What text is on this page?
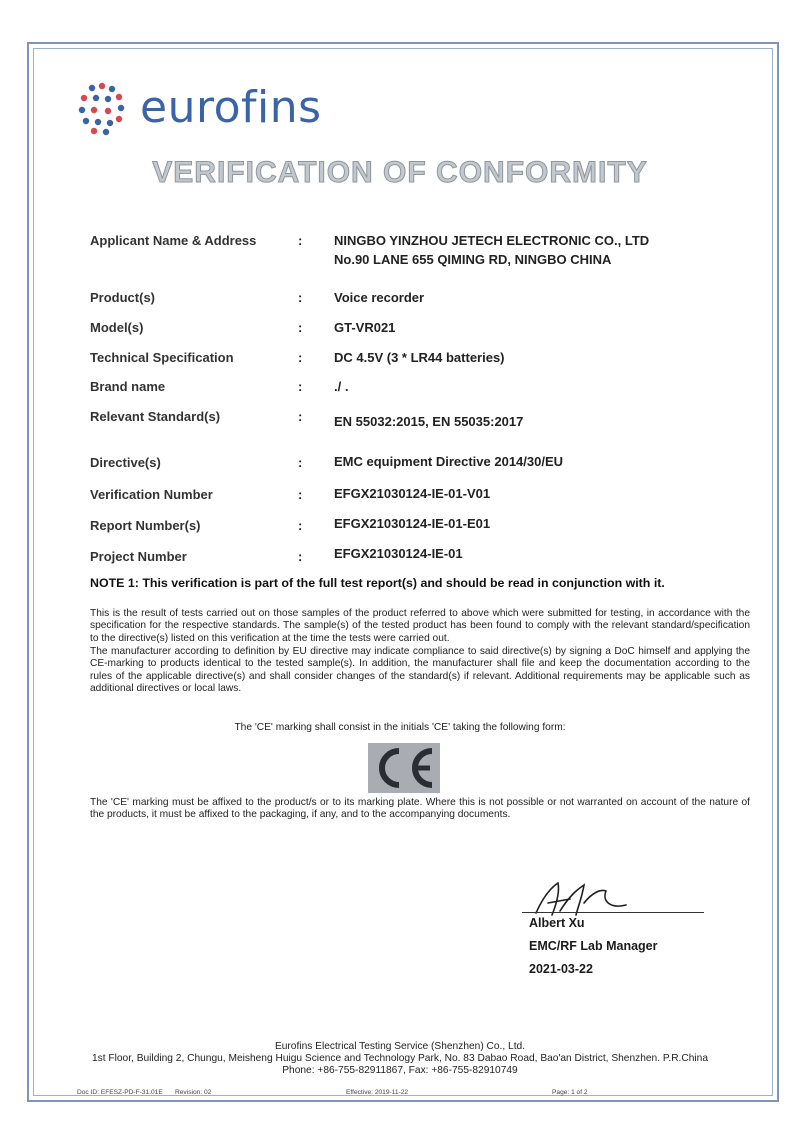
eurofins
VERIFICATION OF CONFORMITY
Applicant Name & Address	: NINGBO YINZHOU JETECH ELECTRONIC CO., LTD
No.90 LANE 655 QIMING RD, NINGBO CHINA
Product(s)	: Voice recorder
Model(s)	: GT-VR021
Technical Specification	: DC 4.5V (3 * LR44 batteries)
Brand name	: ./ .
Relevant Standard(s)	: EN 55032:2015, EN 55035:2017
Directive(s)	: EMC equipment Directive 2014/30/EU
Verification Number	: EFGX21030124-IE-01-V01
Report Number(s)	: EFGX21030124-IE-01-E01
Project Number	: EFGX21030124-IE-01
NOTE 1: This verification is part of the full test report(s) and should be read in conjunction with it.

This is the result of tests carried out on those samples of the product referred to above which were submitted for testing, in accordance with the specification for the respective standards. The sample(s) of the tested product has been found to comply with the relevant standard/specification to the directive(s) listed on this verification at the time the tests were carried out.

The manufacturer according to definition by EU directive may indicate compliance to said directive(s) by signing a DoC himself and applying the CE-marking to products identical to the tested sample(s). In addition, the manufacturer shall file and keep the documentation according to the rules of the applicable directive(s) and shall consider changes of the standard(s) if relevant. Additional requirements may be applicable such as additional directives or local laws.

The 'CE' marking shall consist in the initials 'CE' taking the following form:

The 'CE' marking must be affixed to the product/s or to its marking plate. Where this is not possible or not warranted on account of the nature of the products, it must be affixed to the packaging, if any, and to the accompanying documents.

Albert Xu
EMC/RF Lab Manager
2021-03-22
Eurofins Electrical Testing Service (Shenzhen) Co., Ltd.
1st Floor, Building 2, Chungu, Meisheng Huigu Science and Technology Park, No. 83 Dabao Road, Bao'an District, Shenzhen. P.R.China
Phone: +86-755-82911867, Fax: +86-755-82910749
Doc ID: EFESZ-PD-F-31.01E Revision: 02	Effective: 2019-11-22	Page: 1 of 2
